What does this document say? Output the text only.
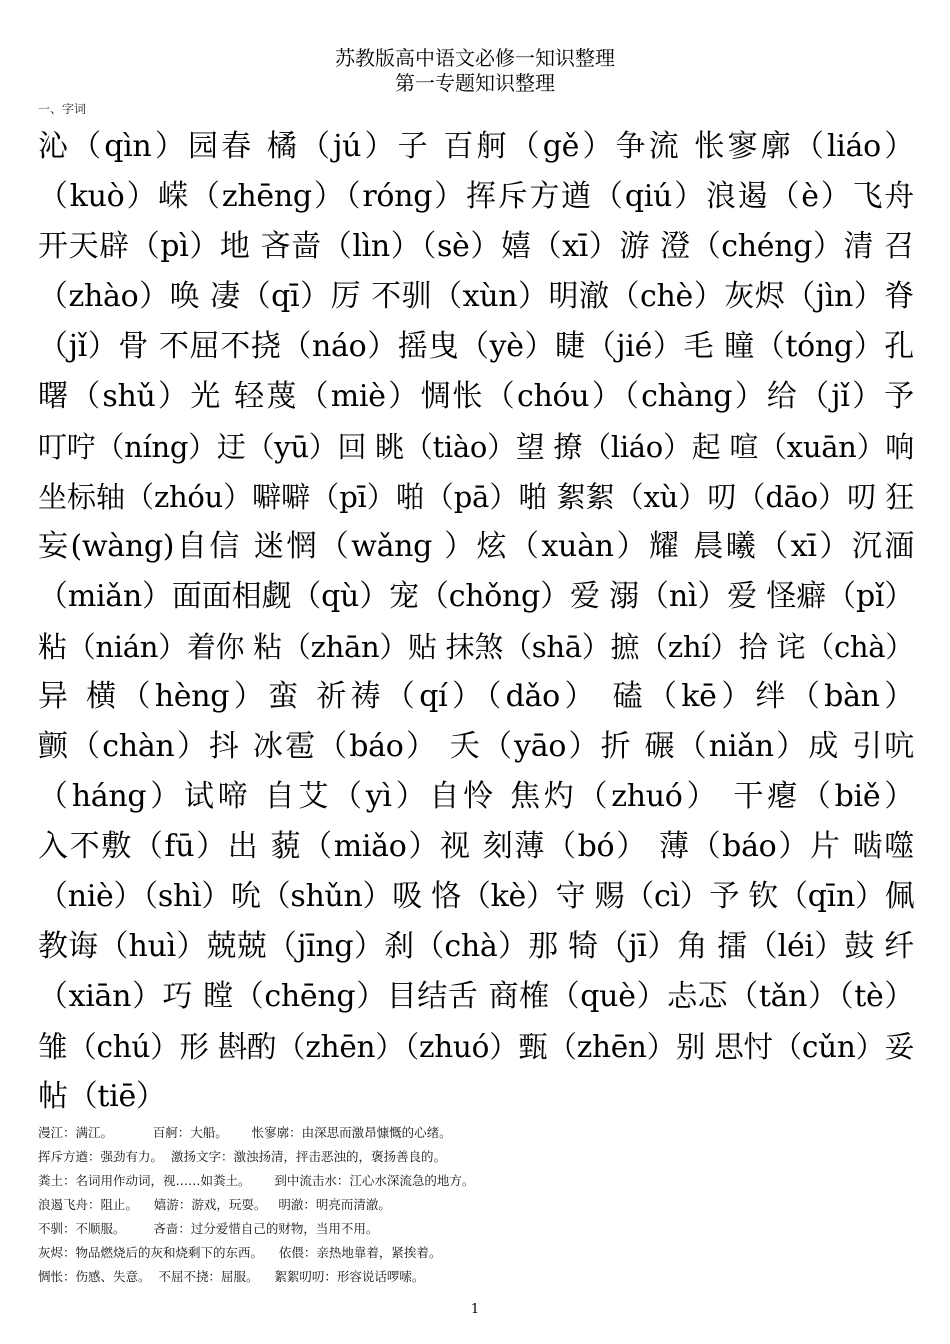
苏教版高中语文必修一知识整理
第一专题知识整理
一、字词
沁（qìn）园春 橘（jú）子 百舸（gě）争流 怅寥廓（liáo）
（kuò）嵘（zhēng）（róng）挥斥方遒（qiú）浪遏（è）飞舟
开天辟（pì）地 吝啬（lìn）（sè）嬉（xī）游 澄（chéng）清 召
（zhào）唤 凄（qī）厉 不驯（xùn）明澈（chè）灰烬（jìn）脊
（jǐ）骨 不屈不挠（náo）摇曳（yè）睫（jié）毛 瞳（tóng）孔
曙（shǔ）光 轻蔑（miè）惆怅（chóu）（chàng）给（jǐ）予
叮咛（níng）迂（yū）回 眺（tiào）望 撩（liáo）起 喧（xuān）响
坐标轴（zhóu）噼噼（pī）啪（pā）啪 絮絮（xù）叨（dāo）叨 狂
妄(wàng)自信 迷惘（wǎng ）炫（xuàn）耀 晨曦（xī）沉湎
（miǎn）面面相觑（qù）宠（chǒng）爱 溺（nì）爱 怪癖（pǐ）
粘（nián）着你 粘（zhān）贴 抹煞（shā）摭（zhí）拾 诧（chà）
异 横（hèng）蛮 祈祷（qí）（dǎo） 磕（kē）绊（bàn）
颤（chàn）抖 冰雹（báo） 夭（yāo）折 碾（niǎn）成 引吭
（háng）试啼 自艾（yì）自怜 焦灼（zhuó） 干瘪（biě）
入不敷（fū）出 藐（miǎo）视 刻薄（bó） 薄（báo）片 啮噬
（niè）（shì）吮（shǔn）吸 恪（kè）守 赐（cì）予 钦（qīn）佩
教诲（huì）兢兢（jīng）刹（chà）那 犄（jī）角 擂（léi）鼓 纤
（xiān）巧 瞠（chēng）目结舌 商榷（què）忐忑（tǎn）（tè）
雏（chú）形 斟酌（zhēn）（zhuó）甄（zhēn）别 思忖（cǔn）妥
帖（tiē）
漫江：满江。          百舸：大船。      怅寥廓：由深思而激昂慷慨的心绪。
挥斥方遒：强劲有力。  激扬文字：激浊扬清，抨击恶浊的，褒扬善良的。
粪土：名词用作动词，视……如粪土。      到中流击水：江心水深流急的地方。
浪遏飞舟：阻止。    嬉游：游戏，玩耍。   明澈：明亮而清澈。
不驯：不顺服。       吝啬：过分爱惜自己的财物，当用不用。
灰烬：物品燃烧后的灰和烧剩下的东西。    依偎：亲热地靠着，紧挨着。
惆怅：伤感、失意。  不屈不挠：屈服。    絮絮叨叨：形容说话啰嗦。
1
